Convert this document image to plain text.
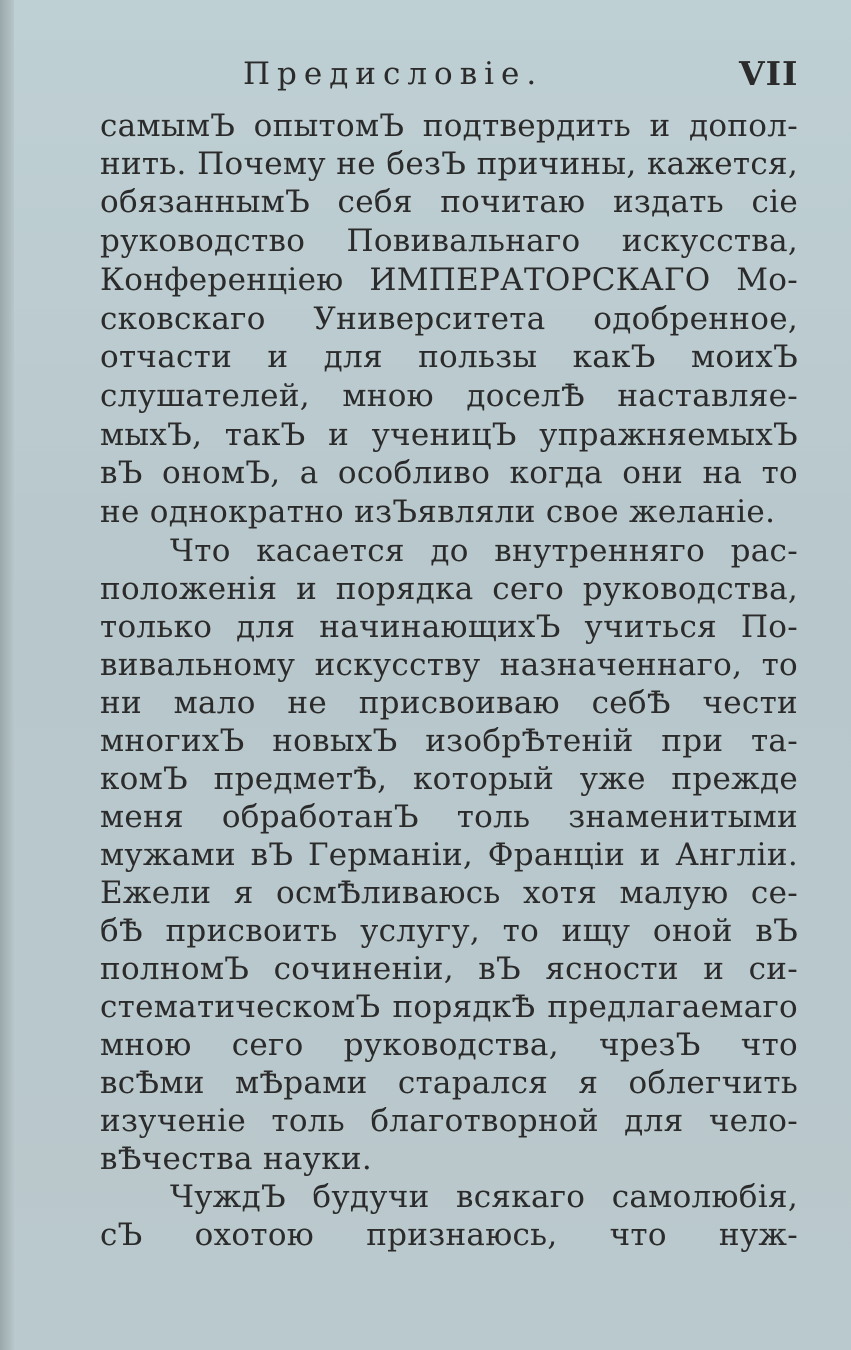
Предисловіе.	VII
самымЪ опытомЪ подтвердить и допол-
нить. Почему не безЪ причины, кажется,
обязаннымЪ себя почитаю издать сіе
руководство Повивальнаго искусства,
Конференціею ИМПЕРАТОРСКАГО Мо-
сковскаго Университета одобренное,
отчасти и для пользы какЪ моихЪ
слушателей, мною доселѢ наставляе-
мыхЪ, такЪ и ученицЪ упражняемыхЪ
вЪ ономЪ, а особливо когда они на то
не однократно изЪявляли свое желаніе.
Что касается до внутренняго рас-
положенія и порядка сего руководства,
только для начинающихЪ учиться По-
вивальному искусству назначеннаго, то
ни мало не присвоиваю себѢ чести
многихЪ новыхЪ изобрѢтеній при та-
комЪ предметѢ, который уже прежде
меня обработанЪ толь знаменитыми
мужами вЪ Германіи, Франціи и Англіи.
Ежели я осмѢливаюсь хотя малую се-
бѢ присвоить услугу, то ищу оной вЪ
полномЪ сочиненіи, вЪ ясности и си-
стематическомЪ порядкѢ предлагаемаго
мною сего руководства, чрезЪ что
всѢми мѢрами старался я облегчить
изученіе толь благотворной для чело-
вѢчества науки.
ЧуждЪ будучи всякаго самолюбія,
сЪ охотою признаюсь, что нуж-
